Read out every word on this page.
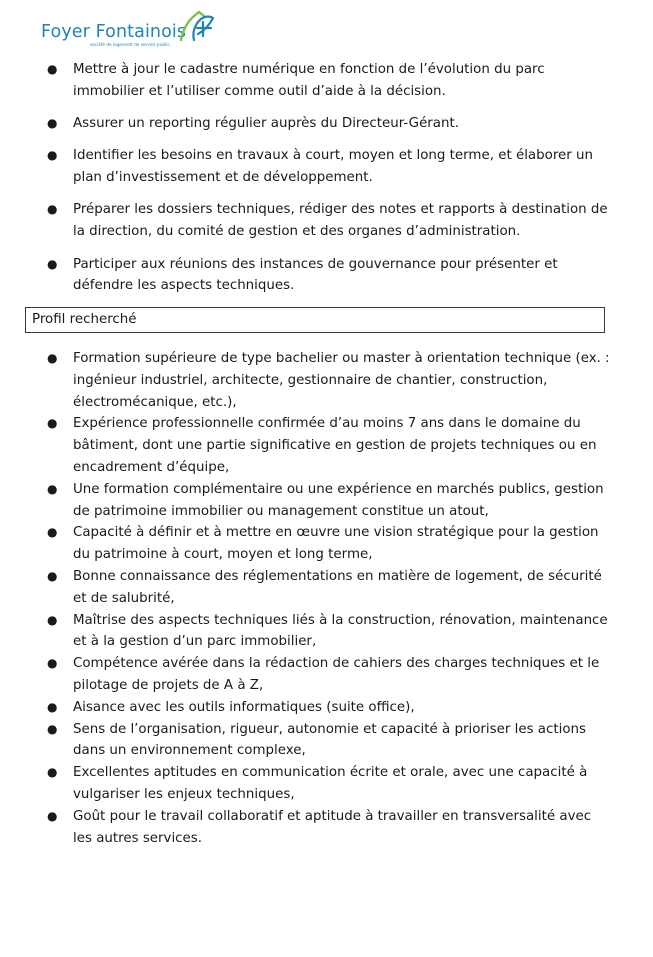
Foyer Fontainois
société de logement de service public
● Mettre à jour le cadastre numérique en fonction de l’évolution du parc immobilier et l’utiliser comme outil d’aide à la décision.
● Assurer un reporting régulier auprès du Directeur-Gérant.
● Identifier les besoins en travaux à court, moyen et long terme, et élaborer un plan d’investissement et de développement.
● Préparer les dossiers techniques, rédiger des notes et rapports à destination de la direction, du comité de gestion et des organes d’administration.
● Participer aux réunions des instances de gouvernance pour présenter et défendre les aspects techniques.
Profil recherché
● Formation supérieure de type bachelier ou master à orientation technique (ex. : ingénieur industriel, architecte, gestionnaire de chantier, construction, électromécanique, etc.),
● Expérience professionnelle confirmée d’au moins 7 ans dans le domaine du bâtiment, dont une partie significative en gestion de projets techniques ou en encadrement d’équipe,
● Une formation complémentaire ou une expérience en marchés publics, gestion de patrimoine immobilier ou management constitue un atout,
● Capacité à définir et à mettre en œuvre une vision stratégique pour la gestion du patrimoine à court, moyen et long terme,
● Bonne connaissance des réglementations en matière de logement, de sécurité et de salubrité,
● Maîtrise des aspects techniques liés à la construction, rénovation, maintenance et à la gestion d’un parc immobilier,
● Compétence avérée dans la rédaction de cahiers des charges techniques et le pilotage de projets de A à Z,
● Aisance avec les outils informatiques (suite office),
● Sens de l’organisation, rigueur, autonomie et capacité à prioriser les actions dans un environnement complexe,
● Excellentes aptitudes en communication écrite et orale, avec une capacité à vulgariser les enjeux techniques,
● Goût pour le travail collaboratif et aptitude à travailler en transversalité avec les autres services.
